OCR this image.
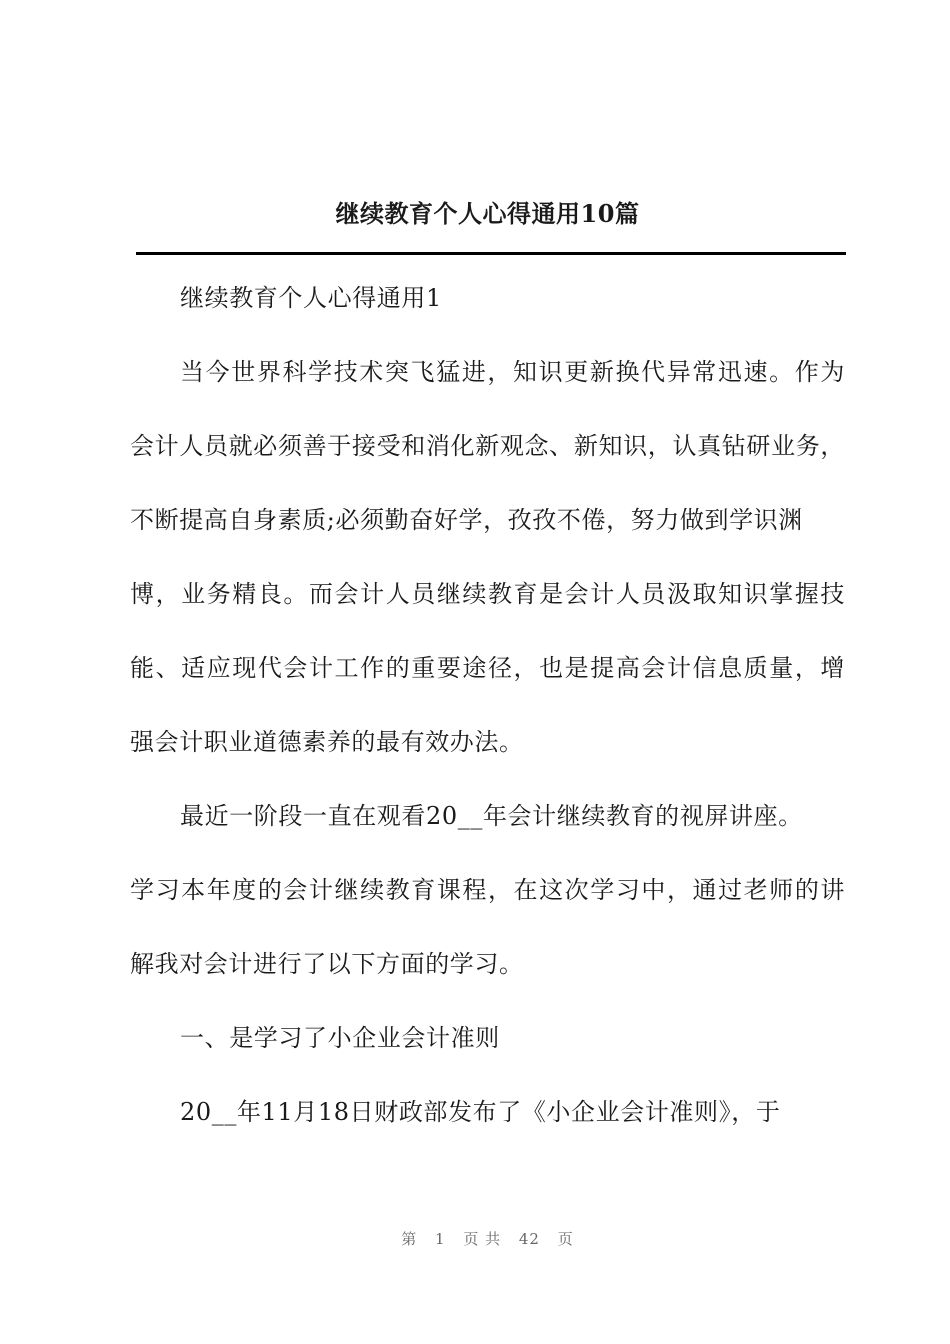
继续教育个人心得通用10篇
继续教育个人心得通用1
当今世界科学技术突飞猛进，知识更新换代异常迅速。作为
会计人员就必须善于接受和消化新观念、新知识，认真钻研业务，
不断提高自身素质;必须勤奋好学，孜孜不倦，努力做到学识渊
博，业务精良。而会计人员继续教育是会计人员汲取知识掌握技
能、适应现代会计工作的重要途径，也是提高会计信息质量，增
强会计职业道德素养的最有效办法。
最近一阶段一直在观看20__年会计继续教育的视屏讲座。
学习本年度的会计继续教育课程，在这次学习中，通过老师的讲
解我对会计进行了以下方面的学习。
一、是学习了小企业会计准则
20__年11月18日财政部发布了《小企业会计准则》，于
第 1 页 共 42 页
